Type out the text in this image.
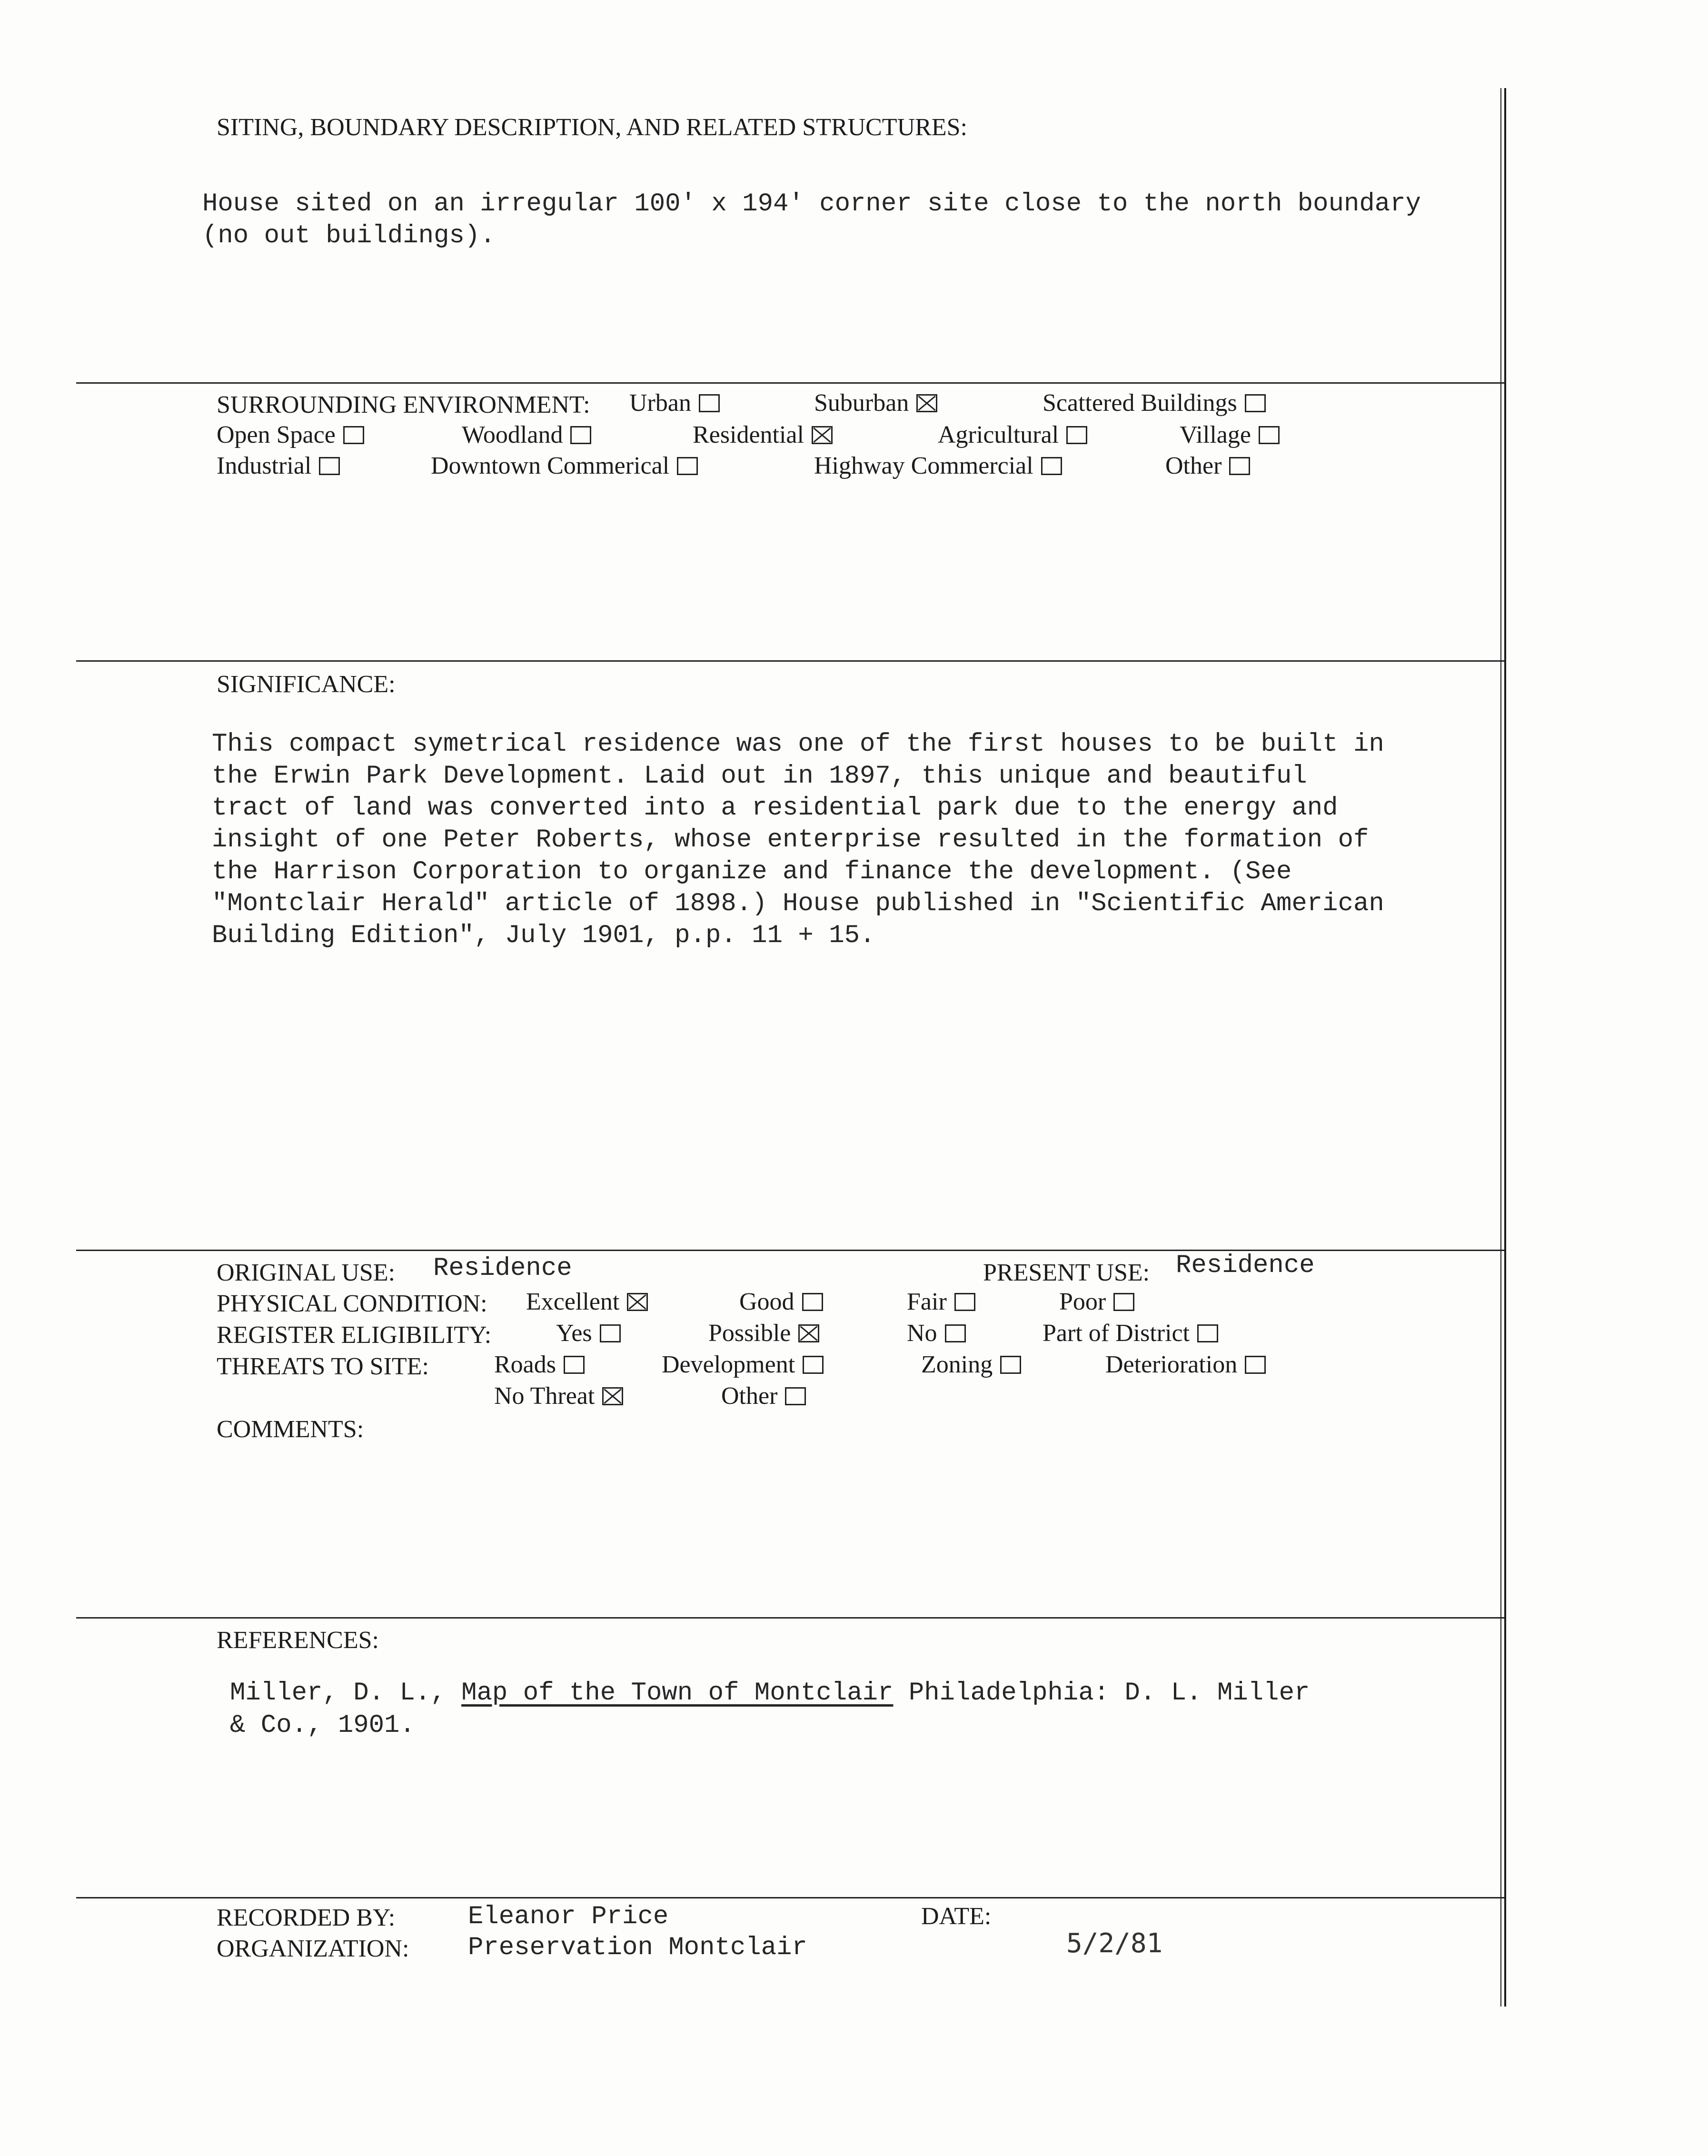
SITING, BOUNDARY DESCRIPTION, AND RELATED STRUCTURES:
House sited on an irregular 100' x 194' corner site close to the north boundary
(no out buildings).
SURROUNDING ENVIRONMENT: Urban	Suburban	Scattered Buildings
Open Space	Woodland	Residential	Agricultural	Village
Industrial	Downtown Commerical	Highway Commercial	Other
SIGNIFICANCE:
This compact symetrical residence was one of the first houses to be built in
the Erwin Park Development. Laid out in 1897, this unique and beautiful
tract of land was converted into a residential park due to the energy and
insight of one Peter Roberts, whose enterprise resulted in the formation of
the Harrison Corporation to organize and finance the development. (See
"Montclair Herald" article of 1898.) House published in "Scientific American
Building Edition", July 1901, p.p. 11 + 15.
ORIGINAL USE: Residence	PRESENT USE: Residence
PHYSICAL CONDITION: Excellent	Good	Fair	Poor
REGISTER ELIGIBILITY:	Yes	Possible	No	Part of District
THREATS TO SITE:	Roads	Development	Zoning	Deterioration
No Threat	Other
COMMENTS:
REFERENCES:
Miller, D. L., Map of the Town of Montclair Philadelphia: D. L. Miller
& Co., 1901.
RECORDED BY:	Eleanor Price	DATE:
ORGANIZATION: Preservation Montclair	5/2/81
